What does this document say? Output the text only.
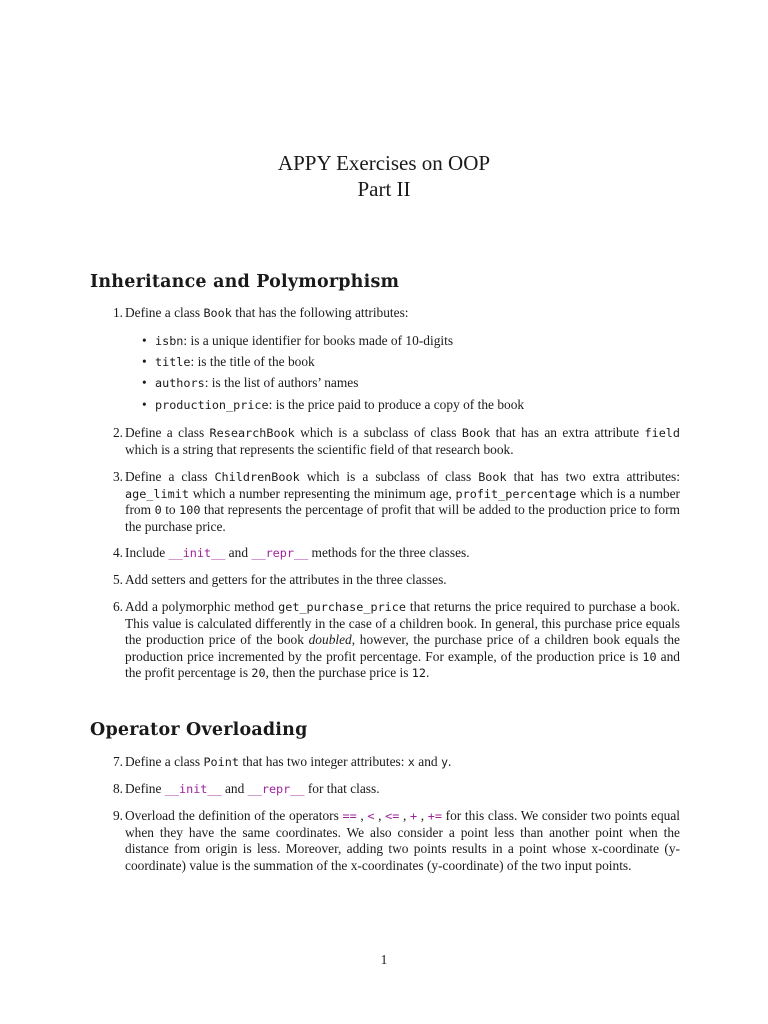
APPY Exercises on OOP
Part II
Inheritance and Polymorphism
1. Define a class Book that has the following attributes:
• isbn: is a unique identifier for books made of 10-digits
• title: is the title of the book
• authors: is the list of authors’ names
• production_price: is the price paid to produce a copy of the book
2. Define a class ResearchBook which is a subclass of class Book that has an extra attribute field which is a string that represents the scientific field of that research book.
3. Define a class ChildrenBook which is a subclass of class Book that has two extra attributes: age_limit which a number representing the minimum age, profit_percentage which is a number from 0 to 100 that represents the percentage of profit that will be added to the production price to form the purchase price.
4. Include __init__ and __repr__ methods for the three classes.
5. Add setters and getters for the attributes in the three classes.
6. Add a polymorphic method get_purchase_price that returns the price required to purchase a book. This value is calculated differently in the case of a children book. In general, this purchase price equals the production price of the book doubled, however, the purchase price of a children book equals the production price incremented by the profit percentage. For example, of the production price is 10 and the profit percentage is 20, then the purchase price is 12.
Operator Overloading
7. Define a class Point that has two integer attributes: x and y.
8. Define __init__ and __repr__ for that class.
9. Overload the definition of the operators == , < , <= , + , += for this class. We consider two points equal when they have the same coordinates. We also consider a point less than another point when the distance from origin is less. Moreover, adding two points results in a point whose x-coordinate (y-coordinate) value is the summation of the x-coordinates (y-coordinate) of the two input points.
1
